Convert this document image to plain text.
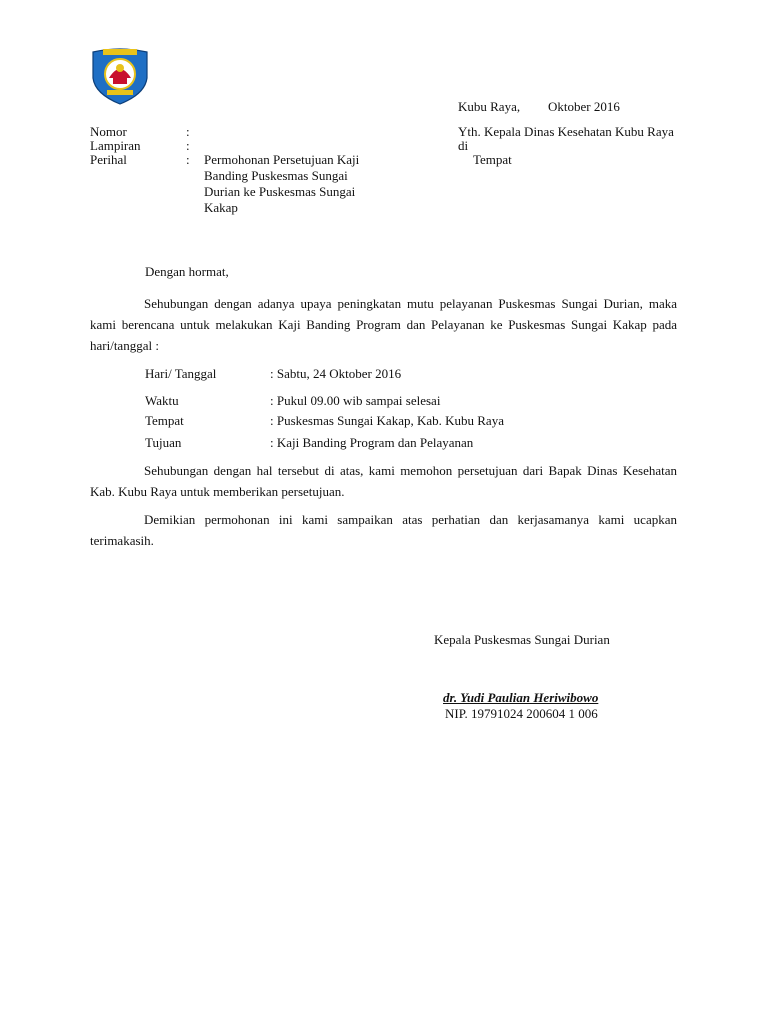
Kubu Raya, Oktober 2016
Nomor	:
Lampiran	:
Perihal	: Permohonan Persetujuan Kaji
Banding Puskesmas Sungai
Durian ke Puskesmas Sungai
Kakap
Yth. Kepala Dinas Kesehatan Kubu Raya
di
Tempat
Dengan hormat,
Sehubungan dengan adanya upaya peningkatan mutu pelayanan Puskesmas Sungai Durian, maka kami berencana untuk melakukan Kaji Banding Program dan Pelayanan ke Puskesmas Sungai Kakap pada hari/tanggal :
Hari/ Tanggal	: Sabtu, 24 Oktober 2016
Waktu	: Pukul 09.00 wib sampai selesai
Tempat	: Puskesmas Sungai Kakap, Kab. Kubu Raya
Tujuan	: Kaji Banding Program dan Pelayanan
Sehubungan dengan hal tersebut di atas, kami memohon persetujuan dari Bapak Dinas Kesehatan Kab. Kubu Raya untuk memberikan persetujuan.
Demikian permohonan ini kami sampaikan atas perhatian dan kerjasamanya kami ucapkan terimakasih.
Kepala Puskesmas Sungai Durian
dr. Yudi Paulian Heriwibowo
NIP. 19791024 200604 1 006
